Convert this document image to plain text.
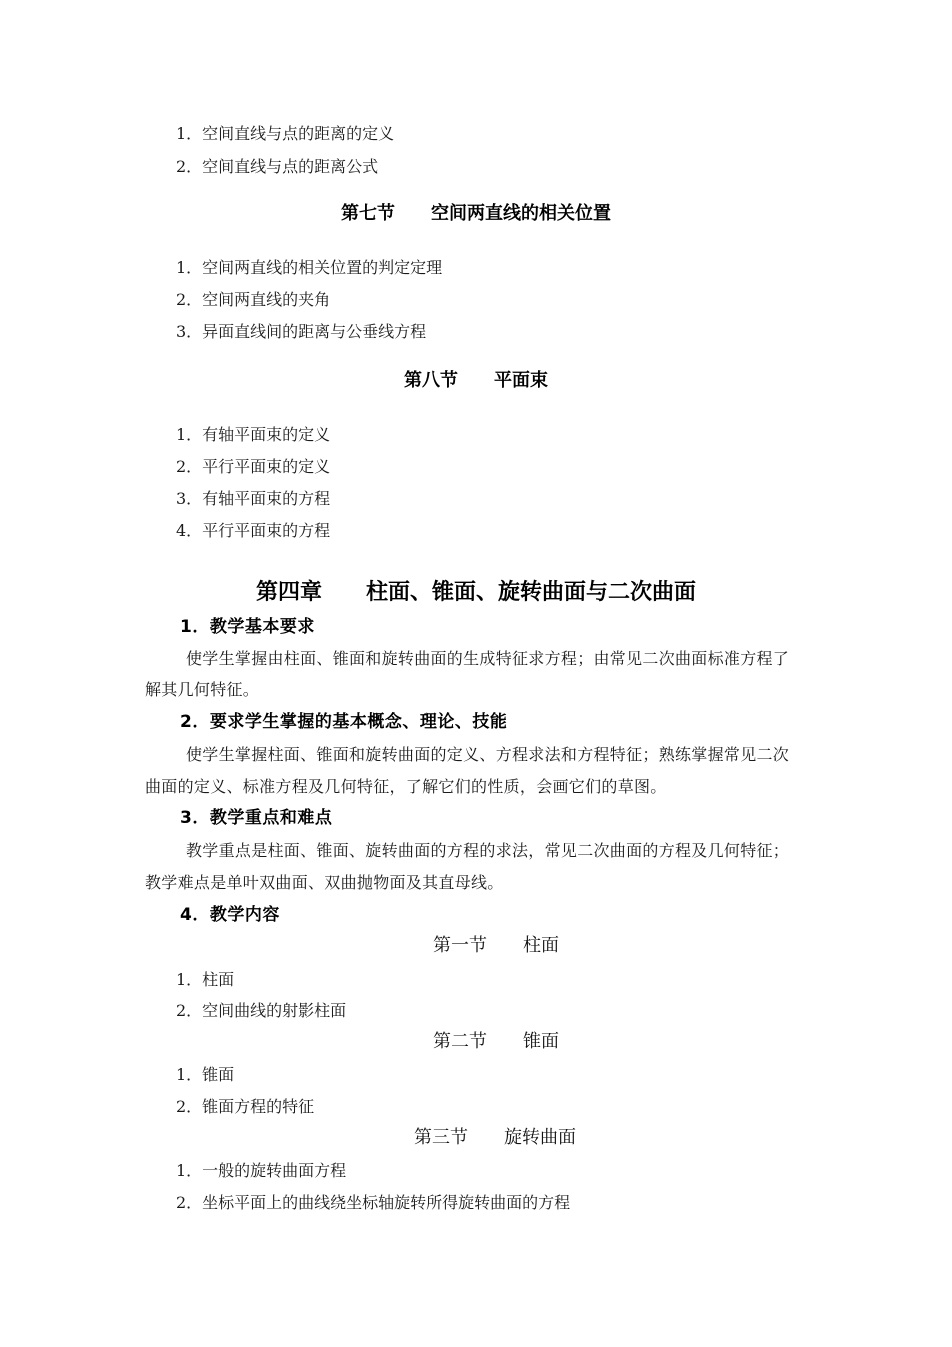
1．空间直线与点的距离的定义
2．空间直线与点的距离公式
第七节　　空间两直线的相关位置
1．空间两直线的相关位置的判定定理
2．空间两直线的夹角
3．异面直线间的距离与公垂线方程
第八节　　平面束
1．有轴平面束的定义
2．平行平面束的定义
3．有轴平面束的方程
4．平行平面束的方程
第四章　　柱面、锥面、旋转曲面与二次曲面
1．教学基本要求
使学生掌握由柱面、锥面和旋转曲面的生成特征求方程；由常见二次曲面标准方程了
解其几何特征。
2．要求学生掌握的基本概念、理论、技能
使学生掌握柱面、锥面和旋转曲面的定义、方程求法和方程特征；熟练掌握常见二次
曲面的定义、标准方程及几何特征，了解它们的性质，会画它们的草图。
3．教学重点和难点
教学重点是柱面、锥面、旋转曲面的方程的求法，常见二次曲面的方程及几何特征；
教学难点是单叶双曲面、双曲抛物面及其直母线。
4．教学内容
第一节　　柱面
1．柱面
2．空间曲线的射影柱面
第二节　　锥面
1．锥面
2．锥面方程的特征
第三节　　旋转曲面
1．一般的旋转曲面方程
2．坐标平面上的曲线绕坐标轴旋转所得旋转曲面的方程
